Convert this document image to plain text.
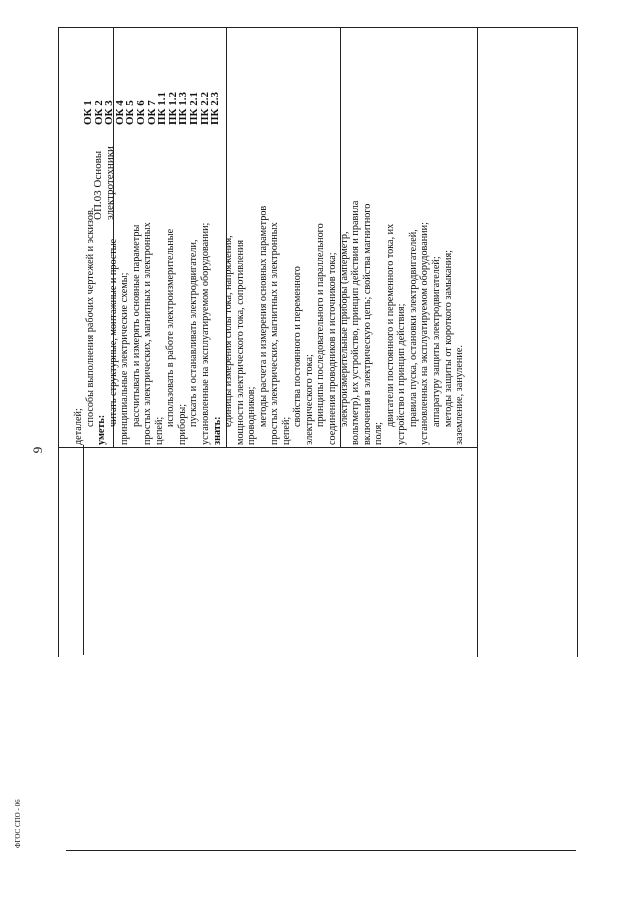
9
ФГОС СПО - 06

деталей; способы выполнения рабочих чертежей и эскизов.

уметь:

читать структурные, монтажные и простые принципиальные электрические схемы; рассчитывать и измерять основные параметры простых электрических, магнитных и электронных цепей;

использовать в работе электроизмерительные приборы; пускать и останавливать электродвигатели, установленные на эксплуатируемом оборудовании; знать:

единицы измерения силы тока, напряжения, мощности электрического тока, сопротивления проводников; методы расчета и измерения основных параметров простых электрических, магнитных и электронных цепей;

свойства постоянного и переменного электрического тока; принципы последовательного и параллельного соединения проводников и источников тока; электроизмерительные приборы (амперметр, вольтметр), их устройство, принцип действия и правила включения в электрическую цепь; свойства магнитного поля;

двигатели постоянного и переменного тока, их устройство и принцип действия; правила пуска, остановки электродвигателей, установленных на эксплуатируемом оборудовании; аппаратуру защиты электродвигателей; методы защиты от короткого замыкания; заземление, зануление.

ОП.03 Основы электротехники
ОК 1
ОК 2
ОК 3
ОК 4
ОК 5
ОК 6
ОК 7
ПК 1.1
ПК 1.2
ПК 1.3
ПК 2.1
ПК 2.2
ПК 2.3
